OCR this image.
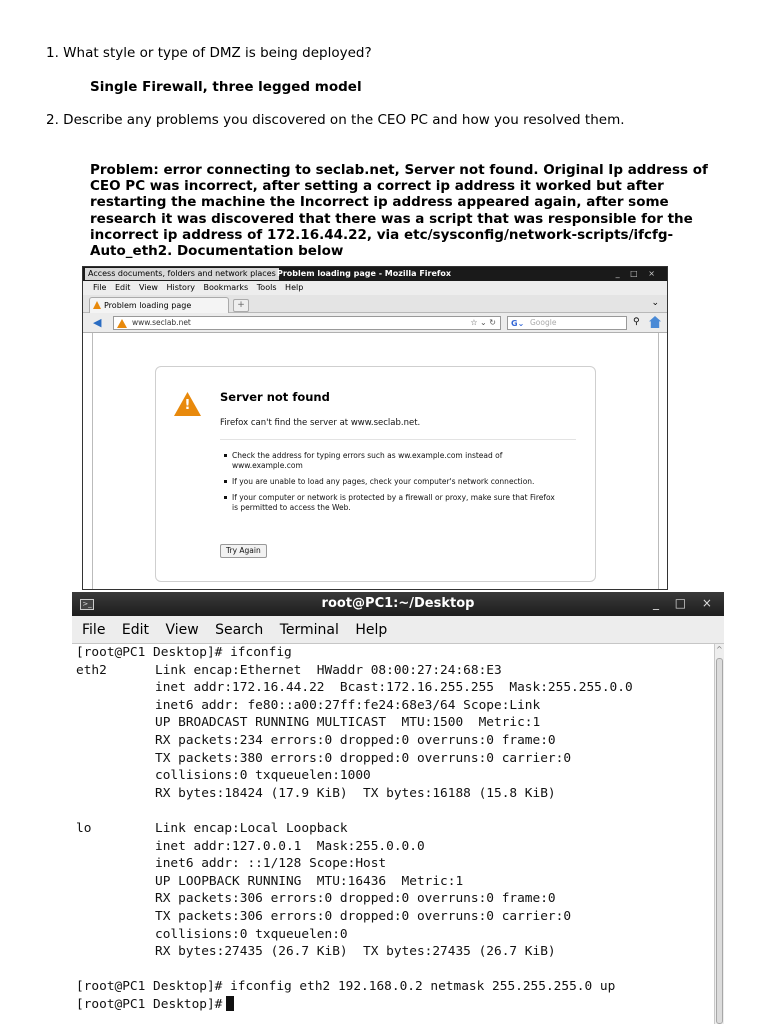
1. What style or type of DMZ is being deployed?
Single Firewall, three legged model
2. Describe any problems you discovered on the CEO PC and how you resolved them.
Problem: error connecting to seclab.net, Server not found. Original Ip address of
CEO PC was incorrect, after setting a correct ip address it worked but after
restarting the machine the Incorrect ip address appeared again, after some
research it was discovered that there was a script that was responsible for the
incorrect ip address of 172.16.44.22, via etc/sysconfig/network-scripts/ifcfg-
Auto_eth2. Documentation below
Access documents, folders and network places Problem loading page - Mozilla Firefox	_ □ ×
File Edit View History Bookmarks Tools Help
Problem loading page	+	⌄
◀	www.seclab.net	☆ ⌄ ↻ G⌄ Google	⚲
!
Server not found
Firefox can't find the server at www.seclab.net.
Check the address for typing errors such as ww.example.com instead of www.example.com
If you are unable to load any pages, check your computer's network connection.
If your computer or network is protected by a firewall or proxy, make sure that Firefox is permitted to access the Web.
Try Again
>_	root@PC1:~/Desktop	_ □ ×
File Edit View Search Terminal Help
[root@PC1 Desktop]# ifconfig
eth2	Link encap:Ethernet  HWaddr 08:00:27:24:68:E3
inet addr:172.16.44.22  Bcast:172.16.255.255  Mask:255.255.0.0
inet6 addr: fe80::a00:27ff:fe24:68e3/64 Scope:Link
UP BROADCAST RUNNING MULTICAST  MTU:1500  Metric:1
RX packets:234 errors:0 dropped:0 overruns:0 frame:0
TX packets:380 errors:0 dropped:0 overruns:0 carrier:0
collisions:0 txqueuelen:1000
RX bytes:18424 (17.9 KiB)  TX bytes:16188 (15.8 KiB)
lo	Link encap:Local Loopback
inet addr:127.0.0.1  Mask:255.0.0.0
inet6 addr: ::1/128 Scope:Host
UP LOOPBACK RUNNING  MTU:16436  Metric:1
RX packets:306 errors:0 dropped:0 overruns:0 frame:0
TX packets:306 errors:0 dropped:0 overruns:0 carrier:0
collisions:0 txqueuelen:0
RX bytes:27435 (26.7 KiB)  TX bytes:27435 (26.7 KiB)
[root@PC1 Desktop]# ifconfig eth2 192.168.0.2 netmask 255.255.255.0 up
[root@PC1 Desktop]#
^
